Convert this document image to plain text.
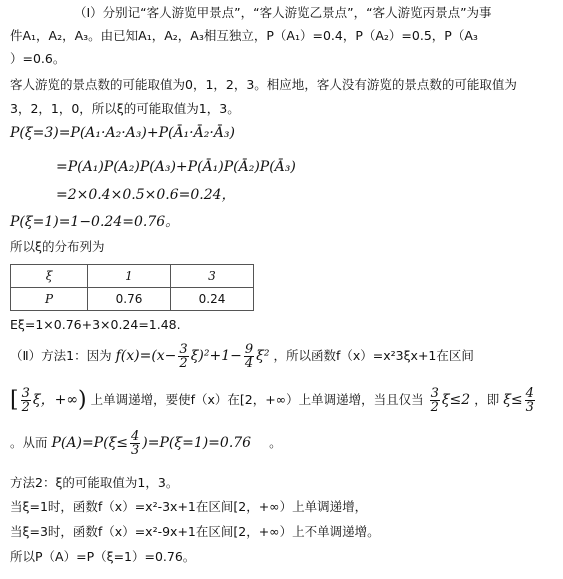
（Ⅰ）分别记“客人游览甲景点”，“客人游览乙景点”，“客人游览丙景点”为事
件A₁，A₂，A₃。由已知A₁，A₂，A₃相互独立，P（A₁）=0.4，P（A₂）=0.5，P（A₃
）=0.6。
客人游览的景点数的可能取值为0，1，2，3。相应地，客人没有游览的景点数的可能取值为
3，2，1，0，所以ξ的可能取值为1，3。
P(ξ=3)=P(A₁·A₂·A₃)+P(Ā₁·Ā₂·Ā₃)
=P(A₁)P(A₂)P(A₃)+P(Ā₁)P(Ā₂)P(Ā₃)
=2×0.4×0.5×0.6=0.24，
P(ξ=1)=1−0.24=0.76。
所以ξ的分布列为
ξ	1	3
P	0.76	0.24
Eξ=1×0.76+3×0.24=1.48.
（Ⅱ）方法1：因为 $f(x)=(x- \frac{3}{2} \xi)^2+1- \frac{9}{4} \xi^2$ ，所以函数f（x）=x²3ξx+1在区间
[ $\frac{3}{2}$ ξ，+∞) 上单调递增，要使f（x）在[2，+∞）上单调递增，当且仅当 $\frac{3}{2} \xi\le 2$ ，即 $\xi\le \frac{4}{3}$
。从而 $P(A)=P(\xi\le \frac{4}{3} )=P(\xi=1)=0.76$ 。
方法2：ξ的可能取值为1，3。
当ξ=1时，函数f（x）=x²-3x+1在区间[2，+∞）上单调递增，
当ξ=3时，函数f（x）=x²-9x+1在区间[2，+∞）上不单调递增。
所以P（A）=P（ξ=1）=0.76。
